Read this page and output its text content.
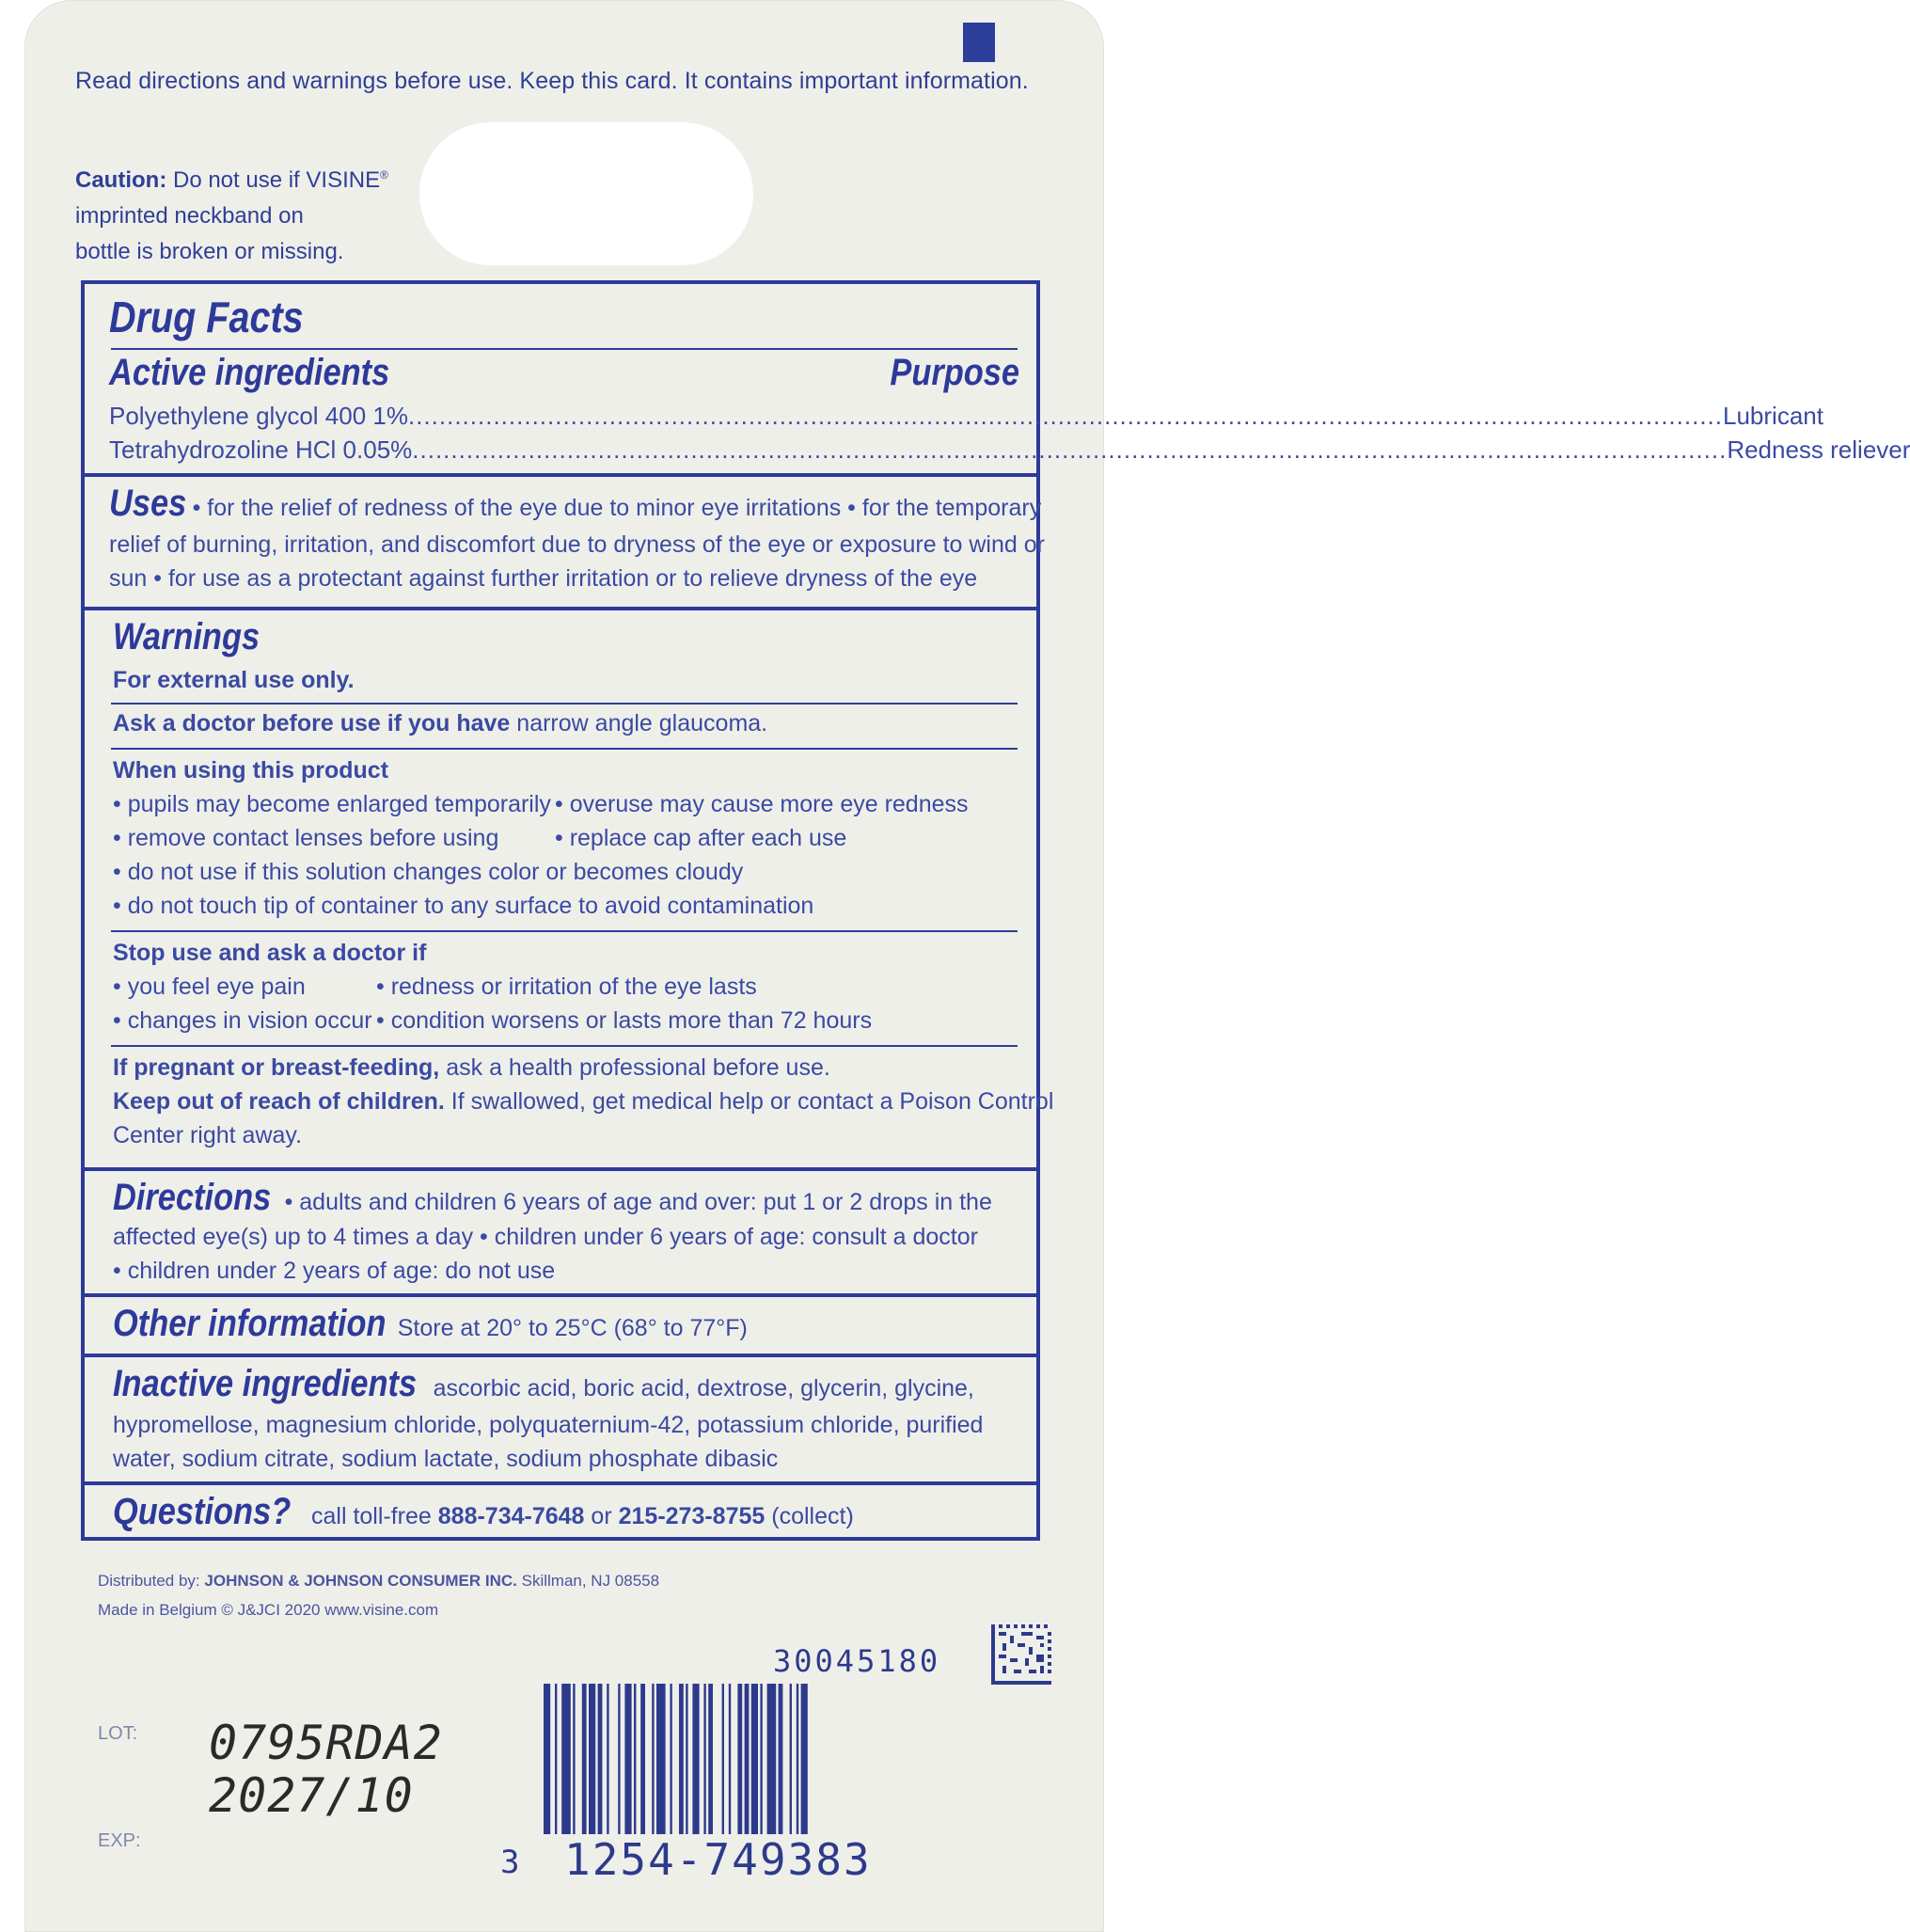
Read directions and warnings before use. Keep this card. It contains important information.
Caution: Do not use if VISINE®
imprinted neckband on
bottle is broken or missing.
Drug Facts
Active ingredients	Purpose
Polyethylene glycol 400 1% .......................................................................................................................................................................... Lubricant
Tetrahydrozoline HCl 0.05% .......................................................................................................................................................................... Redness reliever
Uses • for the relief of redness of the eye due to minor eye irritations • for the temporary
relief of burning, irritation, and discomfort due to dryness of the eye or exposure to wind or
sun • for use as a protectant against further irritation or to relieve dryness of the eye
Warnings
For external use only.
Ask a doctor before use if you have narrow angle glaucoma.
When using this product
• pupils may become enlarged temporarily • overuse may cause more eye redness
• remove contact lenses before using • replace cap after each use
• do not use if this solution changes color or becomes cloudy
• do not touch tip of container to any surface to avoid contamination
Stop use and ask a doctor if
• you feel eye pain	• redness or irritation of the eye lasts
• changes in vision occur • condition worsens or lasts more than 72 hours
If pregnant or breast-feeding, ask a health professional before use.
Keep out of reach of children. If swallowed, get medical help or contact a Poison Control
Center right away.
Directions • adults and children 6 years of age and over: put 1 or 2 drops in the
affected eye(s) up to 4 times a day • children under 6 years of age: consult a doctor
• children under 2 years of age: do not use
Other information Store at 20° to 25°C (68° to 77°F)
Inactive ingredients ascorbic acid, boric acid, dextrose, glycerin, glycine,
hypromellose, magnesium chloride, polyquaternium-42, potassium chloride, purified
water, sodium citrate, sodium lactate, sodium phosphate dibasic
Questions? call toll-free 888-734-7648 or 215-273-8755 (collect)
Distributed by: JOHNSON & JOHNSON CONSUMER INC. Skillman, NJ 08558
Made in Belgium © J&JCI 2020 www.visine.com
30045180
LOT:
EXP:
0795RDA2
2027/10
3 1254-749383
